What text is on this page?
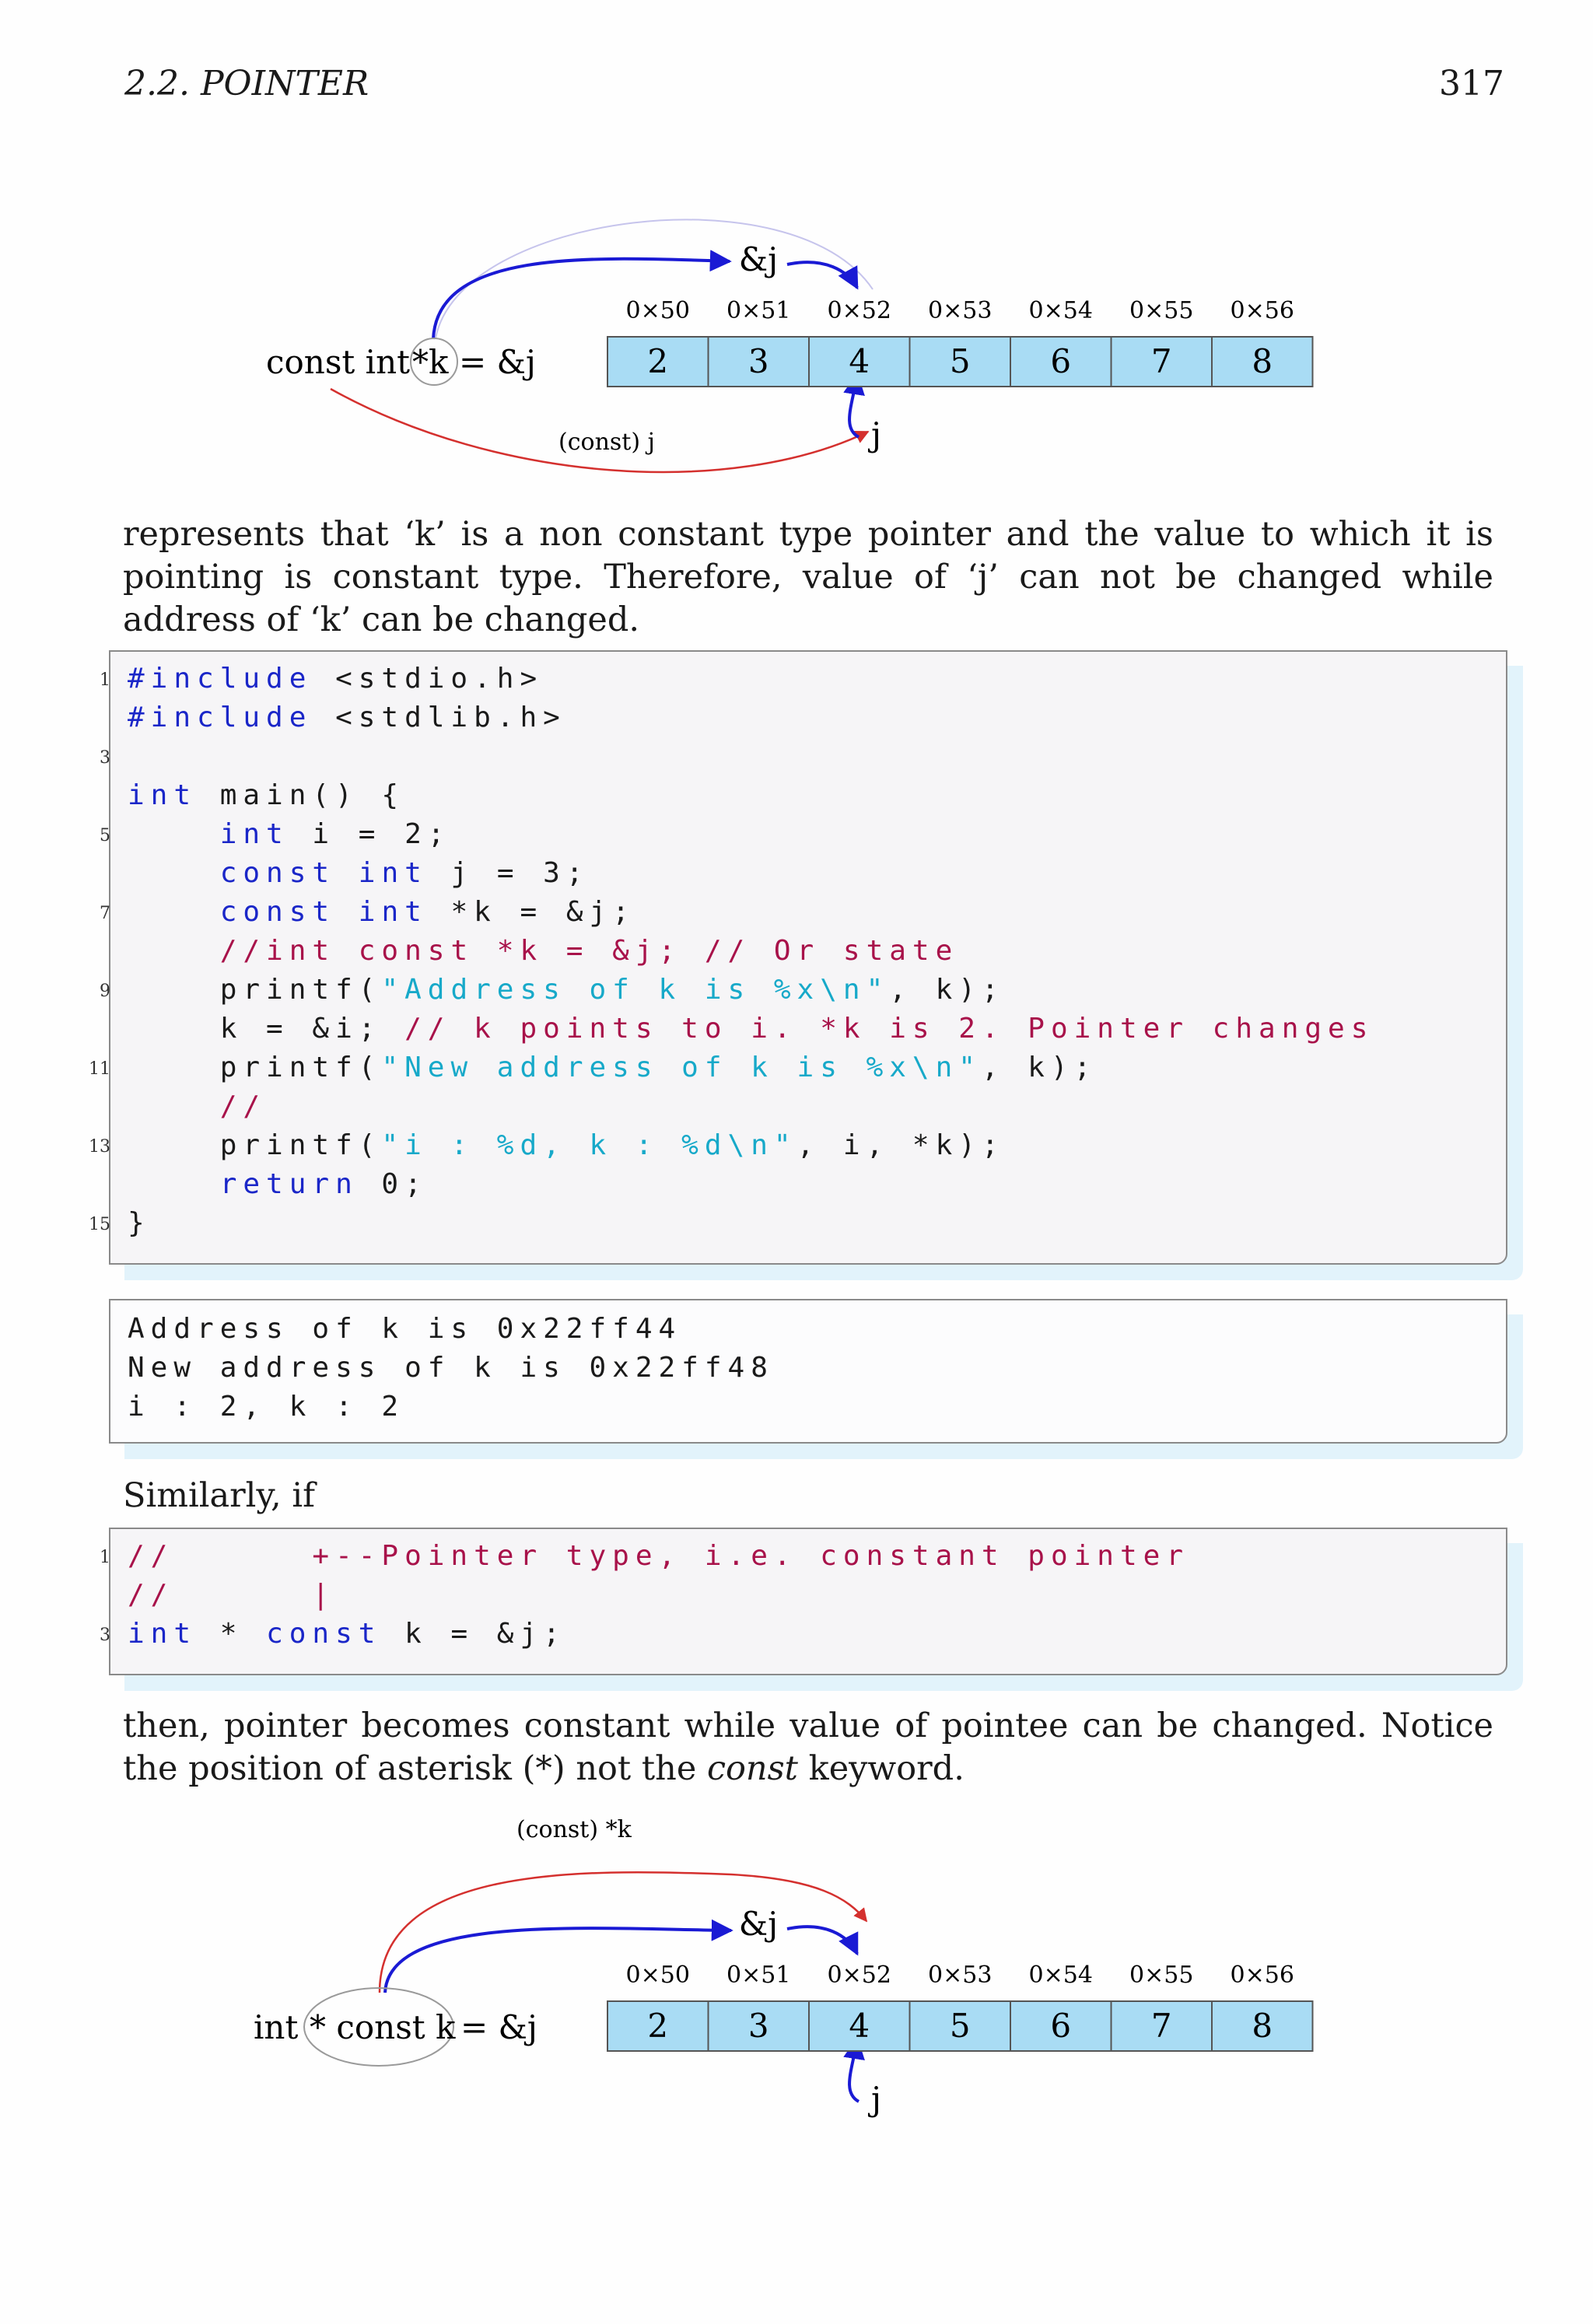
2.2. POINTER	317
&j
const int *k = &j
0×50 0×51 0×52 0×53 0×54 0×55 0×56
2 3 4 5 6 7 8
(const) j	j
represents that ‘k’ is a non constant type pointer and the value to which it is pointing is constant type. Therefore, value of ‘j’ can not be changed while address of ‘k’ can be changed.
1 #include <stdio.h>
#include <stdlib.h>
3
int main() {
5	int i = 2;
const int j = 3;
7	const int *k = &j;
//int const *k = &j; // Or state
9 printf("Address of k is %x\n", k);
k = &i; // k points to i. *k is 2. Pointer changes
11 printf("New address of k is %x\n", k);
//
13 printf("i : %d, k : %d\n", i, *k);
return 0;
15 }
Address of k is 0x22ff44
New address of k is 0x22ff48
i : 2, k : 2
Similarly, if
1 //      +--Pointer type, i.e. constant pointer
//      |
3 int * const k = &j;
then, pointer becomes constant while value of pointee can be changed. Notice the position of asterisk (*) not the const keyword.
(const) *k
&j
int * const k = &j
0×50 0×51 0×52 0×53 0×54 0×55 0×56
2 3 4 5 6 7 8
j
